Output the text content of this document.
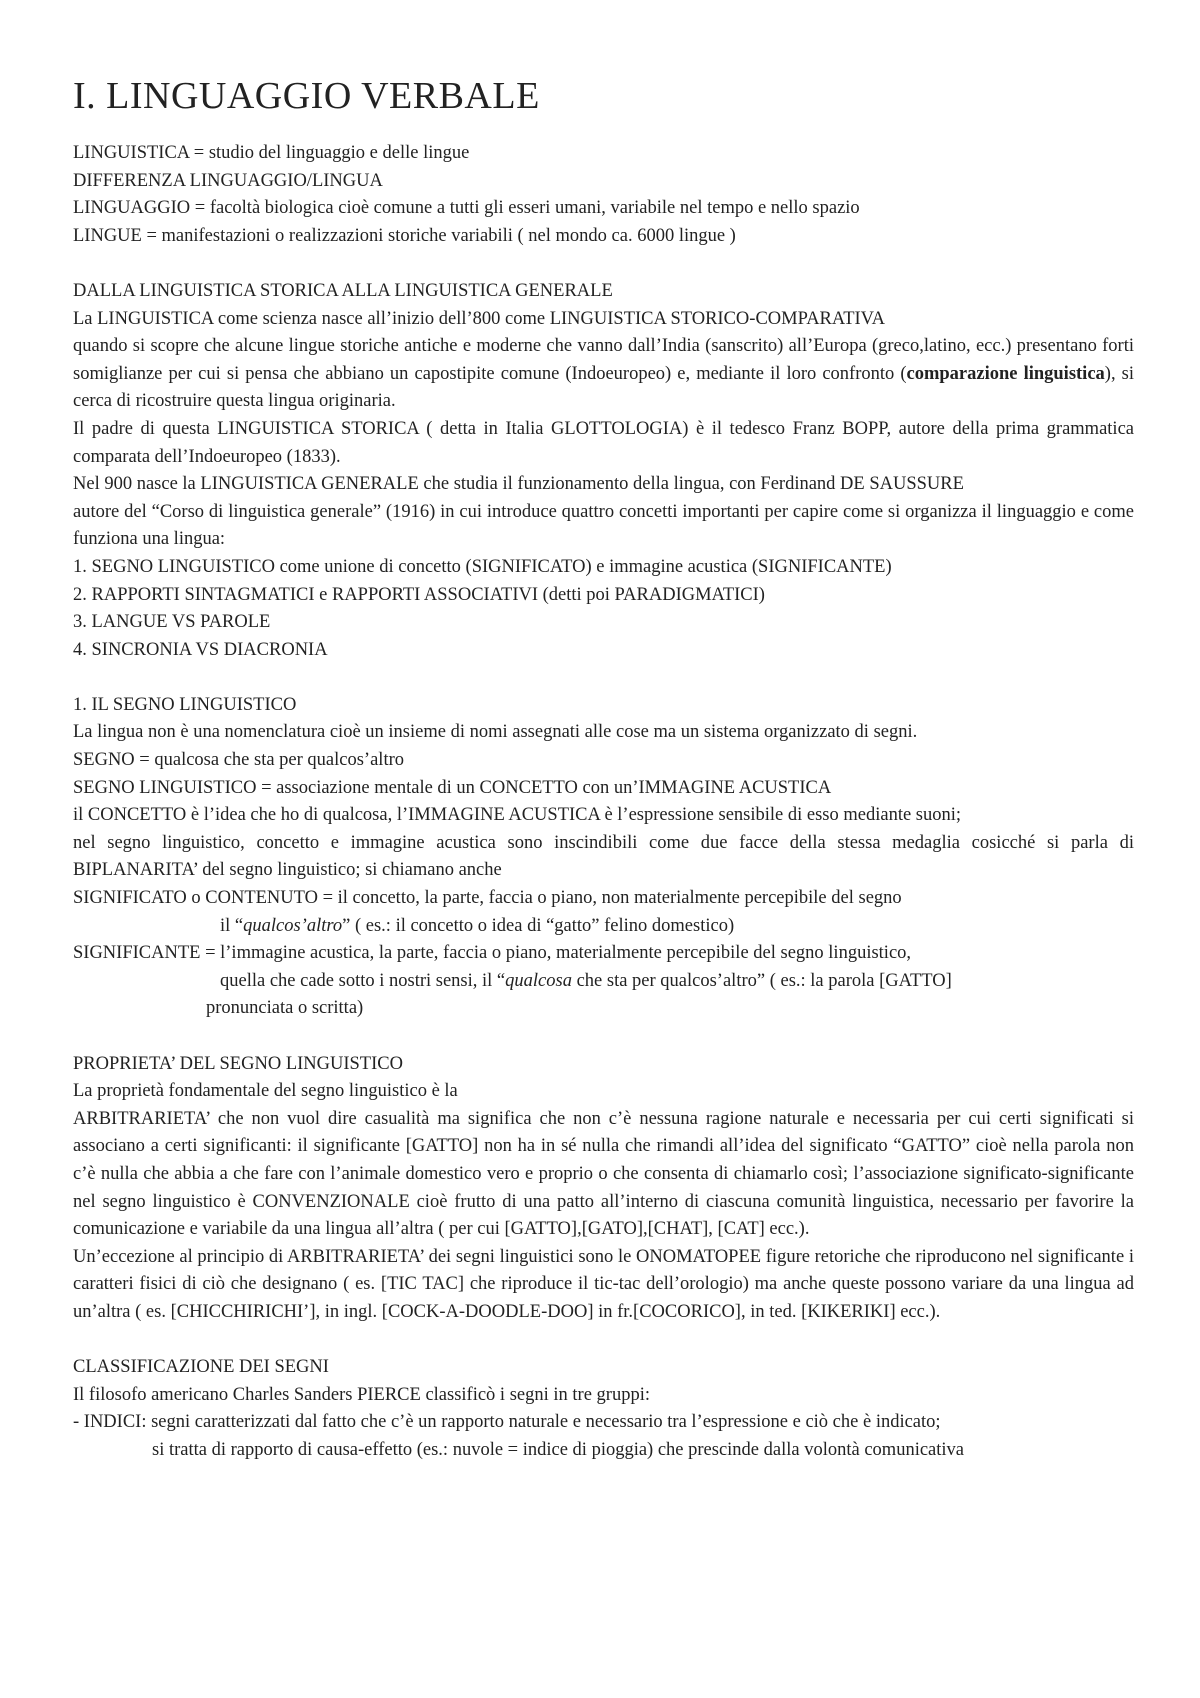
I. LINGUAGGIO VERBALE

LINGUISTICA = studio del linguaggio e delle lingue

DIFFERENZA LINGUAGGIO/LINGUA

LINGUAGGIO = facoltà biologica cioè comune a tutti gli esseri umani, variabile nel tempo e nello spazio

LINGUE = manifestazioni o realizzazioni storiche variabili ( nel mondo ca. 6000 lingue )

DALLA LINGUISTICA STORICA ALLA LINGUISTICA GENERALE

La LINGUISTICA come scienza nasce all’inizio dell’800 come LINGUISTICA STORICO-COMPARATIVA

quando si scopre che alcune lingue storiche antiche e moderne che vanno dall’India (sanscrito) all’Europa (greco,latino, ecc.) presentano forti somiglianze per cui si pensa che abbiano un capostipite comune (Indoeuropeo) e, mediante il loro confronto (comparazione linguistica), si cerca di ricostruire questa lingua originaria.

Il padre di questa LINGUISTICA STORICA ( detta in Italia GLOTTOLOGIA) è il tedesco Franz BOPP, autore della prima grammatica comparata dell’Indoeuropeo (1833).

Nel 900 nasce la LINGUISTICA GENERALE che studia il funzionamento della lingua, con Ferdinand DE SAUSSURE

autore del “Corso di linguistica generale” (1916) in cui introduce quattro concetti importanti per capire come si organizza il linguaggio e come funziona una lingua:

1. SEGNO LINGUISTICO come unione di concetto (SIGNIFICATO) e immagine acustica (SIGNIFICANTE)

2. RAPPORTI SINTAGMATICI e RAPPORTI ASSOCIATIVI (detti poi PARADIGMATICI)

3. LANGUE VS PAROLE

4. SINCRONIA VS DIACRONIA

1. IL SEGNO LINGUISTICO

La lingua non è una nomenclatura cioè un insieme di nomi assegnati alle cose ma un sistema organizzato di segni.

SEGNO = qualcosa che sta per qualcos’altro

SEGNO LINGUISTICO = associazione mentale di un CONCETTO con un’IMMAGINE ACUSTICA

il CONCETTO è l’idea che ho di qualcosa, l’IMMAGINE ACUSTICA è l’espressione sensibile di esso mediante suoni;

nel segno linguistico, concetto e immagine acustica sono inscindibili come due facce della stessa medaglia cosicché si parla di BIPLANARITA’ del segno linguistico; si chiamano anche

SIGNIFICATO o CONTENUTO = il concetto, la parte, faccia o piano, non materialmente percepibile del segno

il “qualcos’altro” ( es.: il concetto o idea di “gatto” felino domestico)

SIGNIFICANTE = l’immagine acustica, la parte, faccia o piano, materialmente percepibile del segno linguistico,

quella che cade sotto i nostri sensi, il “qualcosa che sta per qualcos’altro” ( es.: la parola [GATTO]

pronunciata o scritta)

PROPRIETA’ DEL SEGNO LINGUISTICO

La proprietà fondamentale del segno linguistico è la

ARBITRARIETA’ che non vuol dire casualità ma significa che non c’è nessuna ragione naturale e necessaria per cui certi significati si associano a certi significanti: il significante [GATTO] non ha in sé nulla che rimandi all’idea del significato “GATTO” cioè nella parola non c’è nulla che abbia a che fare con l’animale domestico vero e proprio o che consenta di chiamarlo così; l’associazione significato-significante nel segno linguistico è CONVENZIONALE cioè frutto di una patto all’interno di ciascuna comunità linguistica, necessario per favorire la comunicazione e variabile da una lingua all’altra ( per cui [GATTO],[GATO],[CHAT], [CAT] ecc.).

Un’eccezione al principio di ARBITRARIETA’ dei segni linguistici sono le ONOMATOPEE figure retoriche che riproducono nel significante i caratteri fisici di ciò che designano ( es. [TIC TAC] che riproduce il tic-tac dell’orologio) ma anche queste possono variare da una lingua ad un’altra ( es. [CHICCHIRICHI’], in ingl. [COCK-A-DOODLE-DOO] in fr.[COCORICO], in ted. [KIKERIKI] ecc.).

CLASSIFICAZIONE DEI SEGNI

Il filosofo americano Charles Sanders PIERCE classificò i segni in tre gruppi:

- INDICI: segni caratterizzati dal fatto che c’è un rapporto naturale e necessario tra l’espressione e ciò che è indicato;

si tratta di rapporto di causa-effetto (es.: nuvole = indice di pioggia) che prescinde dalla volontà comunicativa
